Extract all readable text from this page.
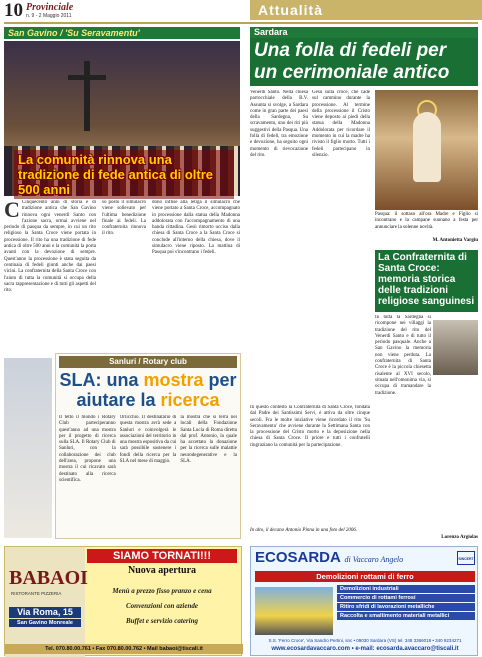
10 Provinciale
n. 9 - 2 Maggio 2011	Attualità
San Gavino / 'Su Seravamentu'
La comunità rinnova una tradizione di fede antica di oltre 500 anni
C Cinquecento anni di storia e di tradizione antica che San Gavino rinnova ogni venerdì Santo con l'azione sacra, ormai avviene nel periodo di pasqua da sempre, in cui un rito religioso la Santa Croce viene portata in processione. Il rito ha una tradizione di fede antica di oltre 500 anni e la comunità la porta avanti con la devozione di sempre. Quest'anno la processione è stata seguita da centinaia di fedeli giunti anche dai paesi vicini. La confraternita della Santa Croce con l'aiuto di tutta la comunità si occupa della sacra rappresentazione e di tutti gli aspetti del rito.
so posto il simulacro viene sollevato per l'ultima benedizione finale ai fedeli. La confraternita rinnova il rito.
dono inflise alla letiga il simulacro che viene portato a Santa Croce, accompagnato in processione dalla statua della Madonna addolorata con l'accompagnamento di una banda cittadina. Gesù rimorto ucciso dalla chiesa di Santa Croce a la Santa Croce si conclude all'interno della chiesa, dove il simulacro viene riposto. La mattina di Pasqua poi s'incontrano i fedeli.
Sanluri / Rotary club
SLA: una mostra per aiutare la ricerca
Il tetto il mondo i Rotary Club parteciperanno quest'anno ad una mostra per il progetto di ricerca sulla SLA. Il Rotary Club di Sanluri, con la collaborazione dei club dell'area, propone una mostra il cui ricavato sarà destinato alla ricerca scientifica.
Orlicchio. Il destinatario di questa mostra avrà sede a Sanluri e coinvolgerà le associazioni del territorio in una mostra espositiva da cui sarà possibile sostenere i fondi della ricerca per la SLA nel mese di maggio.
la mostra che si terrà nei locali della Fondazione Santa Lucia di Roma diretta dal prof. Antonio, la quale ha accettato la donazione per la ricerca sulle malattie neurodegenerative e la SLA.
Sardara
Una folla di fedeli per un cerimoniale antico
Venerdì Santo. Nella chiesa parrocchiale della B.V. Assunta si svolge, a Sardara come in gran parte dei paesi della Sardegna, Su scravamentu, uno dei riti più suggestivi della Pasqua. Una folla di fedeli, tra emozione e devozione, ha seguito ogni momento di rievocazione del rito.
Gesù sulla croce, che cade sul cammino durante la processione. Al termine della processione il Cristo viene deposto ai piedi della statua della Madonna Addolorata per ricordare il momento in cui la madre ha rivisto il figlio morto. Tutti i fedeli partecipano in silenzio.
Pasqua: il sottaso all'ora Madre e Figlio si incontrano e la campane suonano a festa per annunciare la solenne novità.
M. Antonietta Vargiu
La Confraternita di Santa Croce: memoria storica delle tradizioni religiose sanguinesi
In tutta la Sardegna si ricompone nei villaggi la tradizione del rito del Venerdì Santo e di tutto il periodo pasquale. Anche a San Gavino la memoria non viene perduta. La confraternita di Santa Croce è la piccola chiesetta risalente al XVI secolo, situata nell'omonima via, si occupa di tramandare la tradizione.
In questo contesto la Confraternita di Santa Croce, fondata dal Padre dei Santissimi Servi, è attiva da oltre cinque secoli. Fra le molte iniziative viene ricordato il rito 'Su Seravamentu' che avviene durante la Settimana Santa con la processione del Cristo morto e la deposizione nella chiesa di Santa Croce. Il priore e tutti i confratelli ringraziano la comunità per la partecipazione.
In alto, il decano Antonio Pinna in una foto del 2006.
Lorenzo Argiolas
BABAOI
RISTORANTE PIZZERIA
Via Roma, 15
San Gavino Monreale
SIAMO TORNATI!!!
Nuova apertura
Menù a prezzo fisso pranzo e cena
Convenzioni con aziende
Buffet e servizio catering
Tel. 070.80.00.761 • Fax 070.80.00.762 • Mail babaoi@tiscali.it
ECOSARDA di Vaccaro Angelo	SINCERT
Demolizioni rottami di ferro
Demolizioni industriali
Commercio di rottami ferrosi
Ritiro sfridi di lavorazioni metalliche
Raccolta e smaltimento materiali metallici
S.S. 'Ferro Croce', Via Sandro Pertini, snc • 09030 Sardara (VS) tel. 348 3366018 • 340 9234271
www.ecosardavaccaro.com • e-mail: ecosarda.avaccaro@tiscali.it
